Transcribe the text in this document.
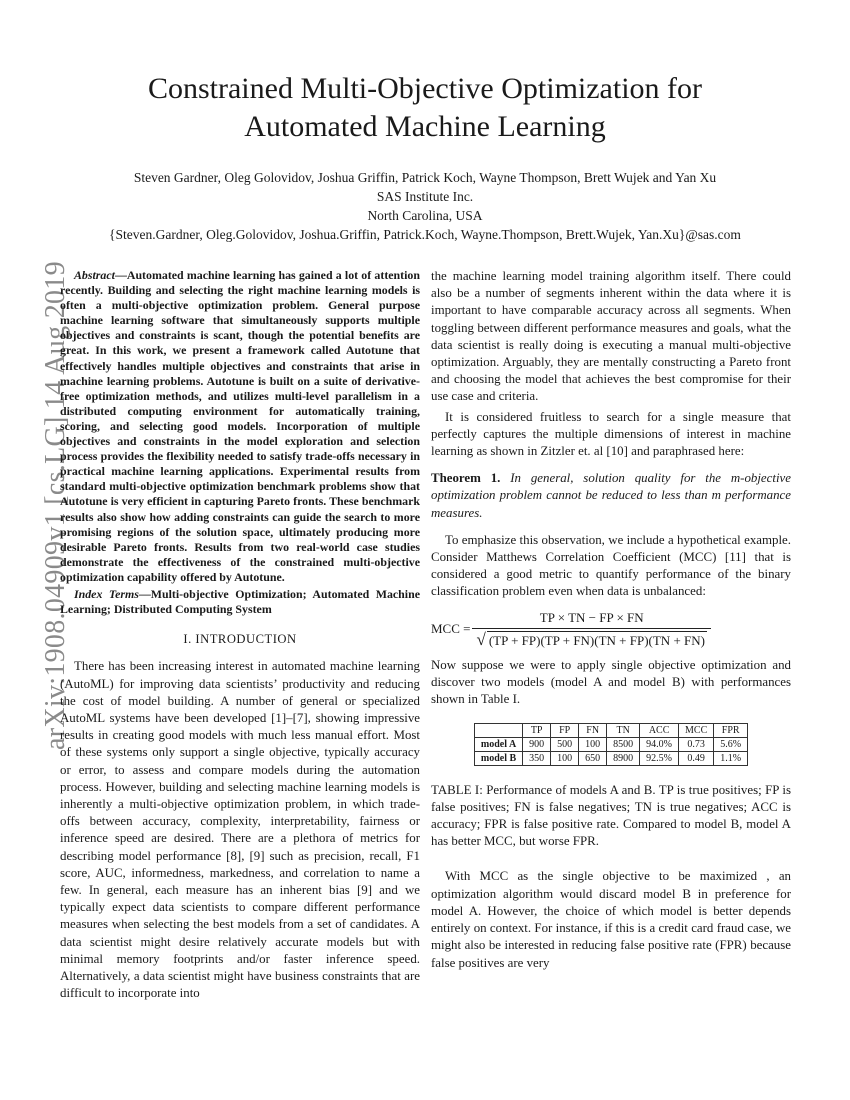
Constrained Multi-Objective Optimization for
Automated Machine Learning
Steven Gardner, Oleg Golovidov, Joshua Griffin, Patrick Koch, Wayne Thompson, Brett Wujek and Yan Xu
SAS Institute Inc.
North Carolina, USA
{Steven.Gardner, Oleg.Golovidov, Joshua.Griffin, Patrick.Koch, Wayne.Thompson, Brett.Wujek, Yan.Xu}@sas.com
arXiv:1908.04909v1 [cs.LG] 14 Aug 2019 Abstract—Automated machine learning has gained a lot of attention recently. Building and selecting the right machine learning models is often a multi-objective optimization problem. General purpose machine learning software that simultaneously supports multiple objectives and constraints is scant, though the potential benefits are great. In this work, we present a framework called Autotune that effectively handles multiple objectives and constraints that arise in machine learning problems. Autotune is built on a suite of derivative-free optimization methods, and utilizes multi-level parallelism in a distributed computing environment for automatically training, scoring, and selecting good models. Incorporation of multiple objectives and constraints in the model exploration and selection process provides the flexibility needed to satisfy trade-offs necessary in practical machine learning applications. Experimental results from standard multi-objective optimization benchmark problems show that Autotune is very efficient in capturing Pareto fronts. These benchmark results also show how adding constraints can guide the search to more promising regions of the solution space, ultimately producing more desirable Pareto fronts. Results from two real-world case studies demonstrate the effectiveness of the constrained multi-objective optimization capability offered by Autotune.

Index Terms—Multi-objective Optimization; Automated Machine Learning; Distributed Computing System

I. INTRODUCTION

There has been increasing interest in automated machine learning (AutoML) for improving data scientists’ productivity and reducing the cost of model building. A number of general or specialized AutoML systems have been developed [1]–[7], showing impressive results in creating good models with much less manual effort. Most of these systems only support a single objective, typically accuracy or error, to assess and compare models during the automation process. However, building and selecting machine learning models is inherently a multi-objective optimization problem, in which trade-offs between accuracy, complexity, interpretability, fairness or inference speed are desired. There are a plethora of metrics for describing model performance [8], [9] such as precision, recall, F1 score, AUC, informedness, markedness, and correlation to name a few. In general, each measure has an inherent bias [9] and we typically expect data scientists to compare different performance measures when selecting the best models from a set of candidates. A data scientist might desire relatively accurate models but with minimal memory footprints and/or faster inference speed. Alternatively, a data scientist might have business constraints that are difficult to incorporate into

the machine learning model training algorithm itself. There could also be a number of segments inherent within the data where it is important to have comparable accuracy across all segments. When toggling between different performance measures and goals, what the data scientist is really doing is executing a manual multi-objective optimization. Arguably, they are mentally constructing a Pareto front and choosing the model that achieves the best compromise for their use case and criteria.

It is considered fruitless to search for a single measure that perfectly captures the multiple dimensions of interest in machine learning as shown in Zitzler et. al [10] and paraphrased here:

Theorem 1. In general, solution quality for the m-objective optimization problem cannot be reduced to less than m performance measures.

To emphasize this observation, we include a hypothetical example. Consider Matthews Correlation Coefficient (MCC) [11] that is considered a good metric to quantify performance of the binary classification problem even when data is unbalanced:

MCC = $\frac{TP \times TN - FP \times FN}{√ (TP + FP)(TP + FN)(TN + FP)(TN + FN)}$

Now suppose we were to apply single objective optimization and discover two models (model A and model B) with performances shown in Table I.

	TP	FP	FN	TN	ACC	MCC	FPR
model A	900	500	100	8500	94.0%	0.73	5.6%
model B	350	100	650	8900	92.5%	0.49	1.1%

TABLE I: Performance of models A and B. TP is true positives; FP is false positives; FN is false negatives; TN is true negatives; ACC is accuracy; FPR is false positive rate. Compared to model B, model A has better MCC, but worse FPR.

With MCC as the single objective to be maximized , an optimization algorithm would discard model B in preference for model A. However, the choice of which model is better depends entirely on context. For instance, if this is a credit card fraud case, we might also be interested in reducing false positive rate (FPR) because false positives are very
